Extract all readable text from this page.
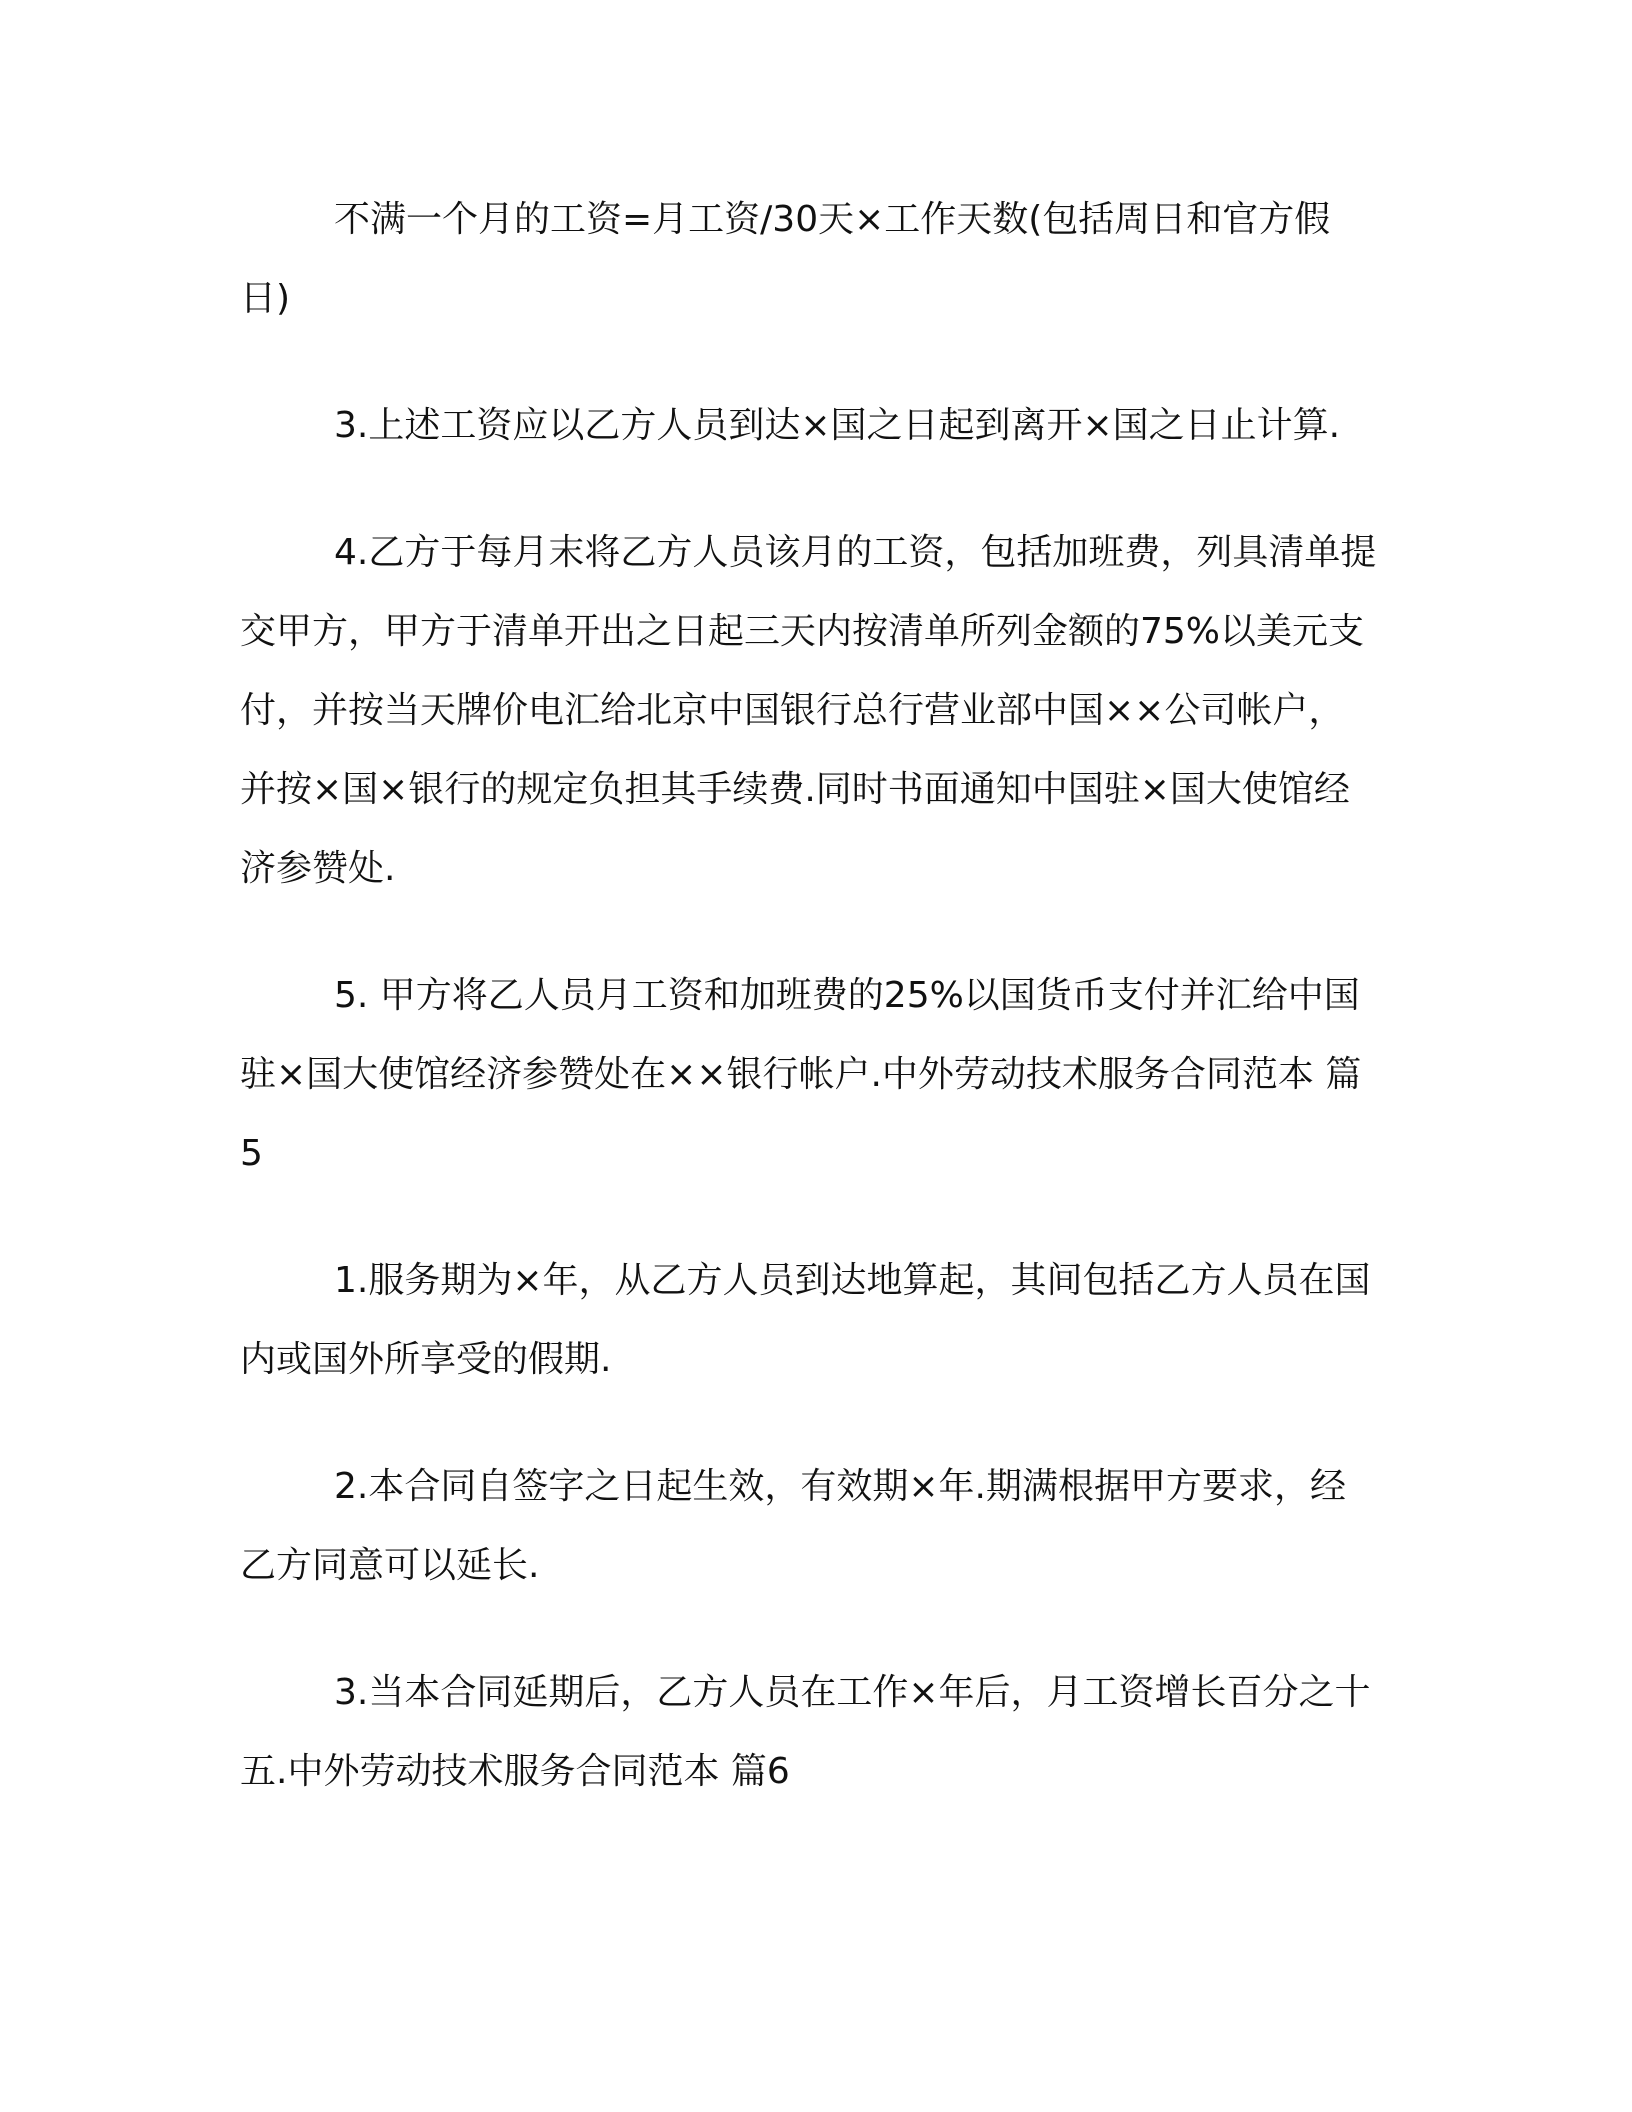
不满一个月的工资=月工资/30天×工作天数(包括周日和官方假日)

3.上述工资应以乙方人员到达×国之日起到离开×国之日止计算.

4.乙方于每月末将乙方人员该月的工资，包括加班费，列具清单提交甲方，甲方于清单开出之日起三天内按清单所列金额的75%以美元支付，并按当天牌价电汇给北京中国银行总行营业部中国××公司帐户，并按×国×银行的规定负担其手续费.同时书面通知中国驻×国大使馆经济参赞处.

5. 甲方将乙人员月工资和加班费的25%以国货币支付并汇给中国驻×国大使馆经济参赞处在××银行帐户.中外劳动技术服务合同范本 篇5

1.服务期为×年，从乙方人员到达地算起，其间包括乙方人员在国内或国外所享受的假期.

2.本合同自签字之日起生效，有效期×年.期满根据甲方要求，经乙方同意可以延长.

3.当本合同延期后，乙方人员在工作×年后，月工资增长百分之十五.中外劳动技术服务合同范本 篇6
